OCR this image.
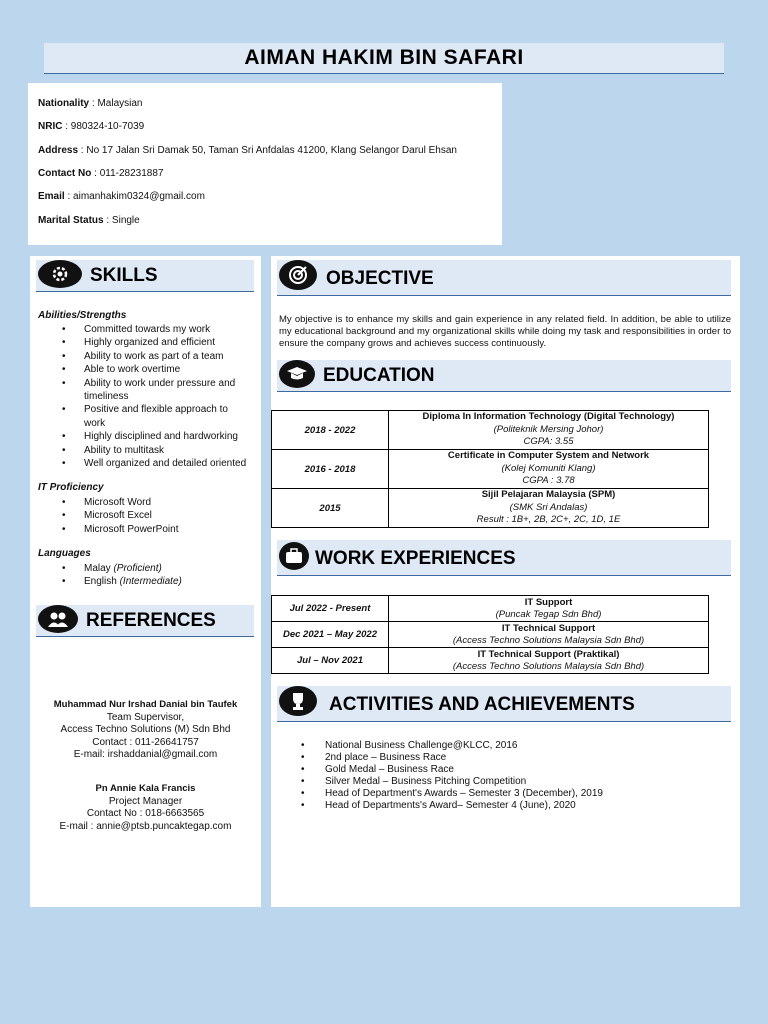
AIMAN HAKIM BIN SAFARI
Nationality : Malaysian
NRIC : 980324-10-7039
Address : No 17 Jalan Sri Damak 50, Taman Sri Anfdalas 41200, Klang Selangor Darul Ehsan
Contact No : 011-28231887
Email : aimanhakim0324@gmail.com
Marital Status : Single
SKILLS
Abilities/Strengths
• Committed towards my work
• Highly organized and efficient
• Ability to work as part of a team
• Able to work overtime
• Ability to work under pressure and timeliness
• Positive and flexible approach to work
• Highly disciplined and hardworking
• Ability to multitask
• Well organized and detailed oriented
IT Proficiency
• Microsoft Word
• Microsoft Excel
• Microsoft PowerPoint
Languages
• Malay (Proficient)
• English (Intermediate)
REFERENCES
Muhammad Nur Irshad Danial bin Taufek
Team Supervisor,
Access Techno Solutions (M) Sdn Bhd
Contact : 011-26641757
E-mail: irshaddanial@gmail.com
Pn Annie Kala Francis
Project Manager
Contact No : 018-6663565
E-mail : annie@ptsb.puncaktegap.com
OBJECTIVE
My objective is to enhance my skills and gain experience in any related field. In addition, be able to utilize my educational background and my organizational skills while doing my task and responsibilities in order to ensure the company grows and achieves success continuously.
EDUCATION
2018 - 2022	Diploma In Information Technology (Digital Technology)
(Politeknik Mersing Johor)
CGPA: 3.55

2016 - 2018	Certificate in Computer System and Network
(Kolej Komuniti Klang)
CGPA : 3.78

2015	Sijil Pelajaran Malaysia (SPM)
(SMK Sri Andalas)
Result : 1B+, 2B, 2C+, 2C, 1D, 1E
WORK EXPERIENCES
Jul 2022 - Present	IT Support
(Puncak Tegap Sdn Bhd)

Dec 2021 – May 2022	IT Technical Support
(Access Techno Solutions Malaysia Sdn Bhd)

Jul – Nov 2021	IT Technical Support (Praktikal)
(Access Techno Solutions Malaysia Sdn Bhd)
ACTIVITIES AND ACHIEVEMENTS
• National Business Challenge@KLCC, 2016
• 2nd place – Business Race
• Gold Medal – Business Race
• Silver Medal – Business Pitching Competition
• Head of Department's Awards – Semester 3 (December), 2019
• Head of Departments's Award– Semester 4 (June), 2020
